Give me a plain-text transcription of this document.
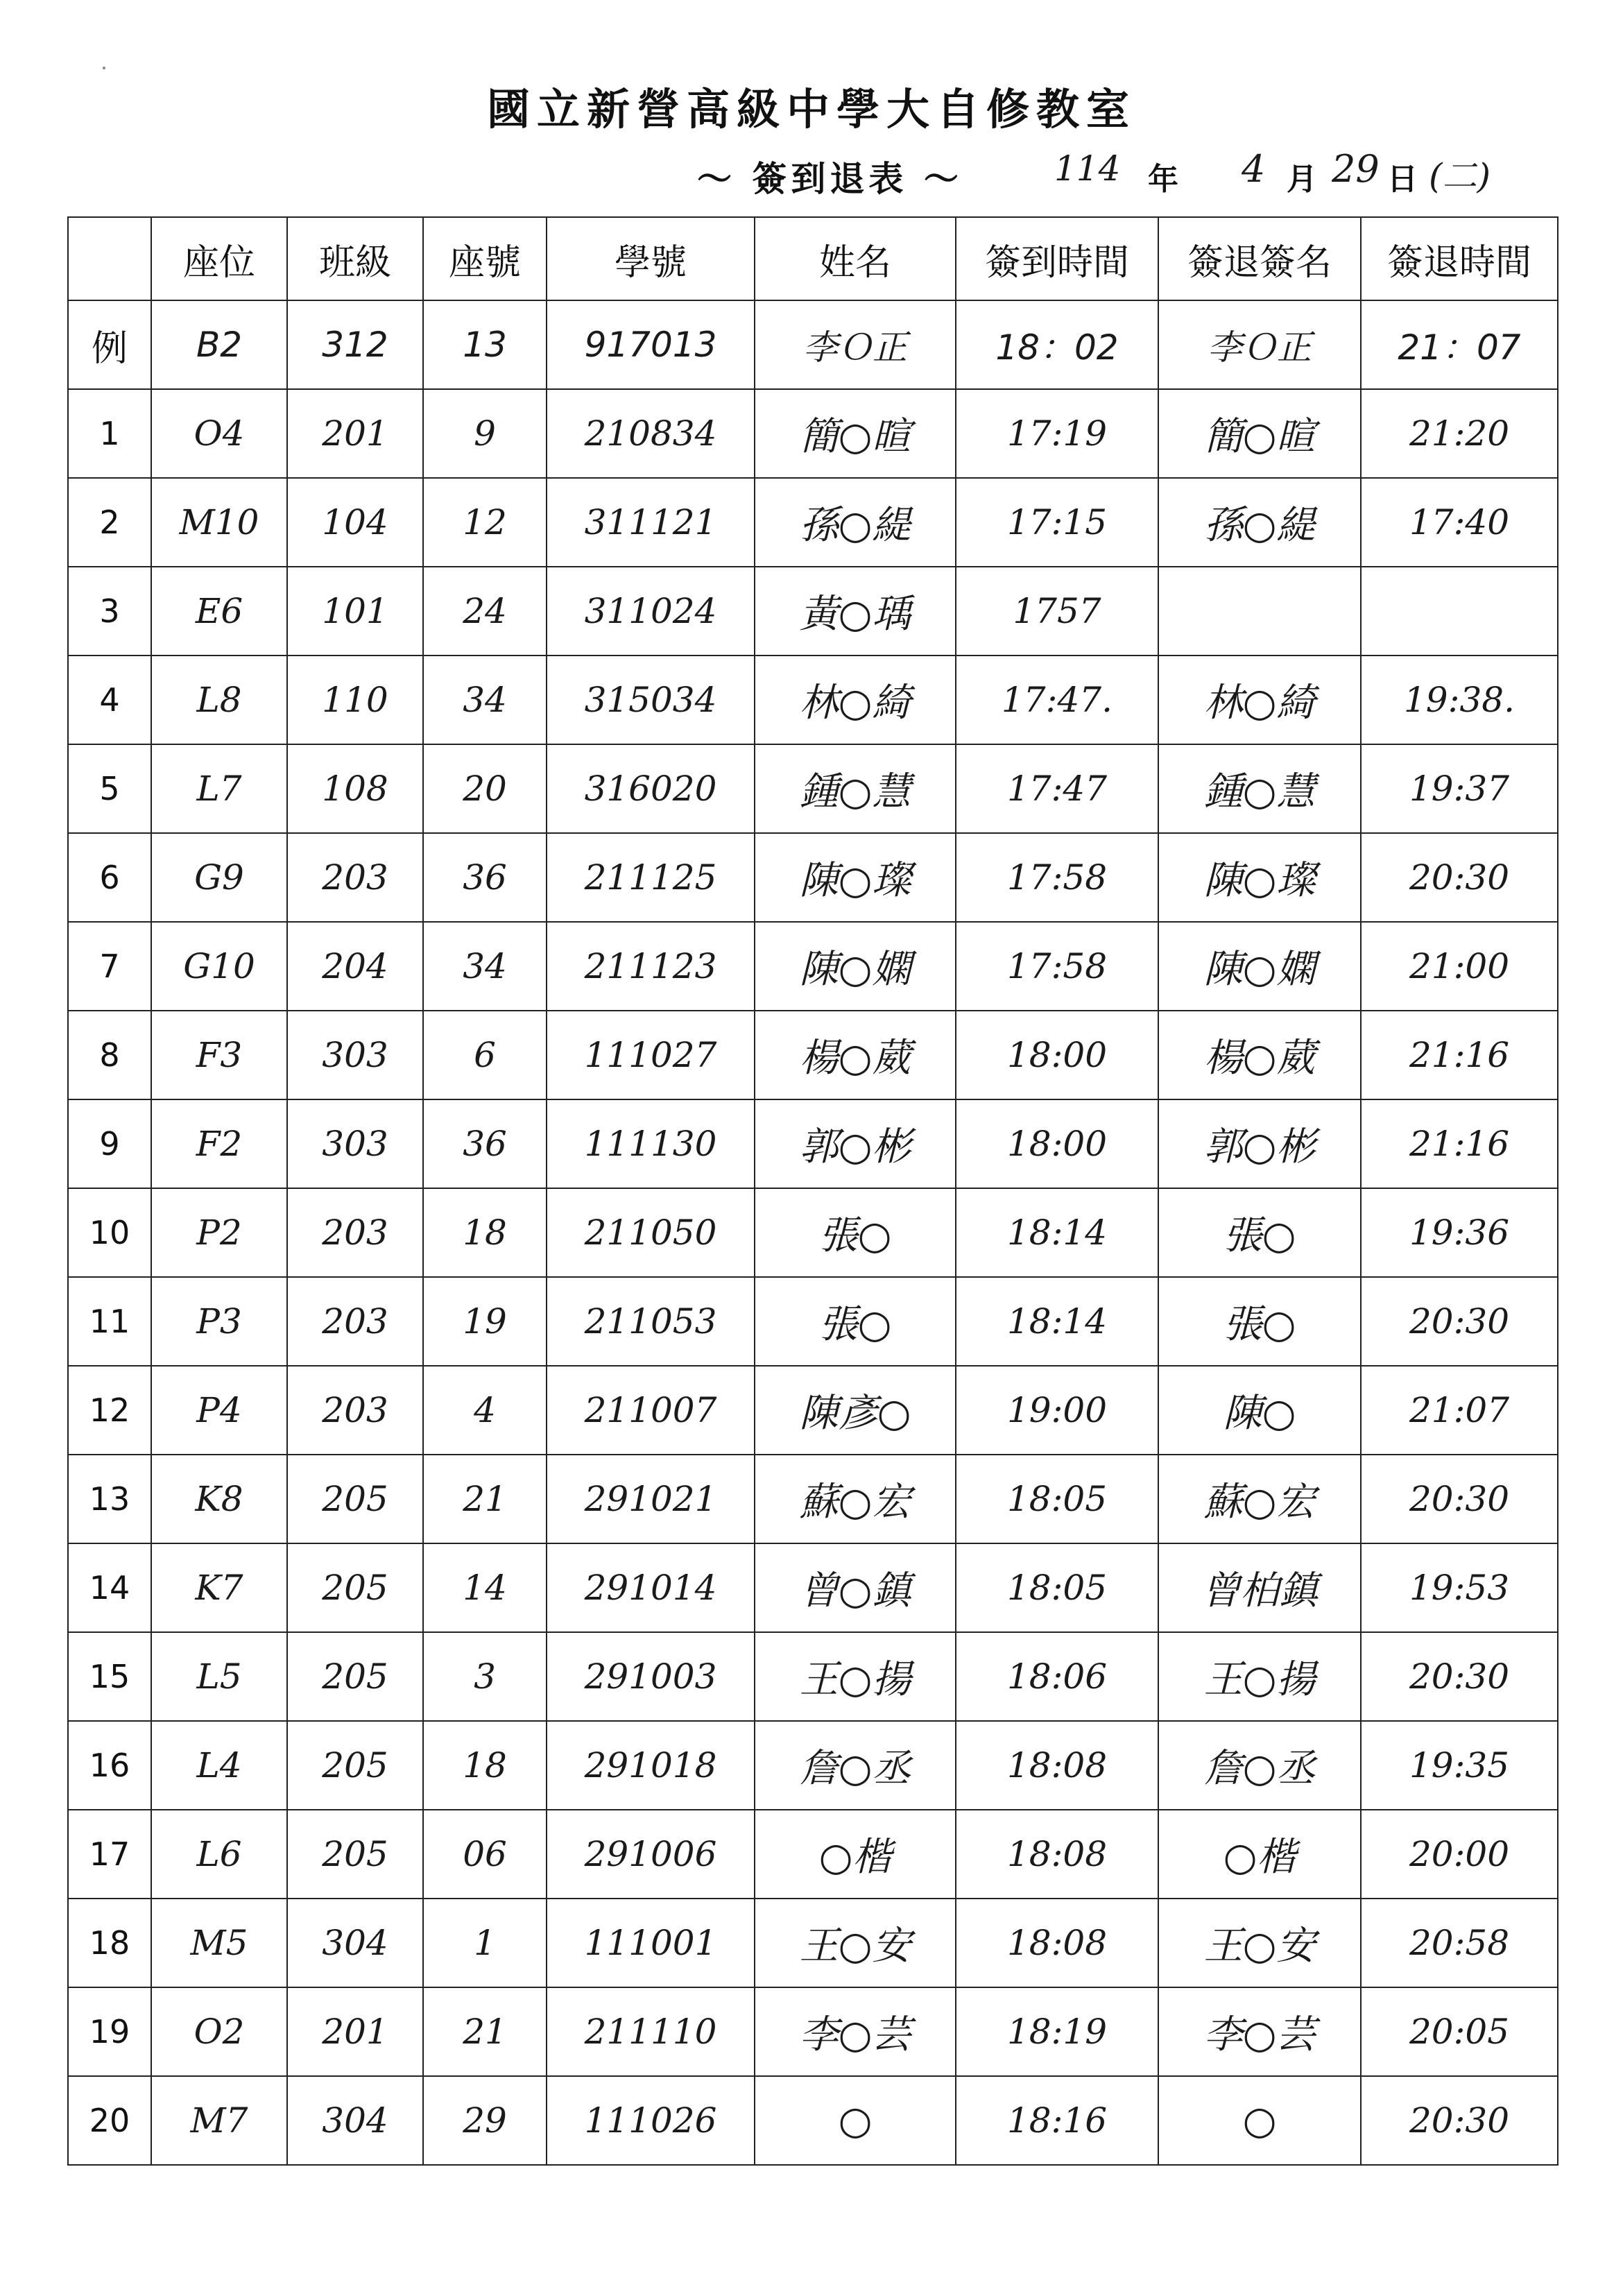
國立新營高級中學大自修教室
～ 簽到退表 ～	114 年 4 月 29 日 (二)
	座位	班級	座號	學號	姓名	簽到時間	簽退簽名	簽退時間
例	B2	312	13	917013	李Ｏ正	18：02	李Ｏ正	21：07
1	O4	201	9	210834	簡○暄	17:19	簡○暄	21:20
2	M10	104	12	311121	孫○緹	17:15	孫○緹	17:40
3	E6	101	24	311024	黃○瑀	1757		
4	L8	110	34	315034	林○綺	17:47.	林○綺	19:38.
5	L7	108	20	316020	鍾○慧	17:47	鍾○慧	19:37
6	G9	203	36	211125	陳○璨	17:58	陳○璨	20:30
7	G10	204	34	211123	陳○嫻	17:58	陳○嫻	21:00
8	F3	303	6	111027	楊○葳	18:00	楊○葳	21:16
9	F2	303	36	111130	郭○彬	18:00	郭○彬	21:16
10	P2	203	18	211050	張○	18:14	張○	19:36
11	P3	203	19	211053	張○	18:14	張○	20:30
12	P4	203	4	211007	陳彥○	19:00	陳○	21:07
13	K8	205	21	291021	蘇○宏	18:05	蘇○宏	20:30
14	K7	205	14	291014	曾○鎮	18:05	曾柏鎮	19:53
15	L5	205	3	291003	王○揚	18:06	王○揚	20:30
16	L4	205	18	291018	詹○丞	18:08	詹○丞	19:35
17	L6	205	06	291006	○楷	18:08	○楷	20:00
18	M5	304	1	111001	王○安	18:08	王○安	20:58
19	O2	201	21	211110	李○芸	18:19	李○芸	20:05
20	M7	304	29	111026	○	18:16	○	20:30
